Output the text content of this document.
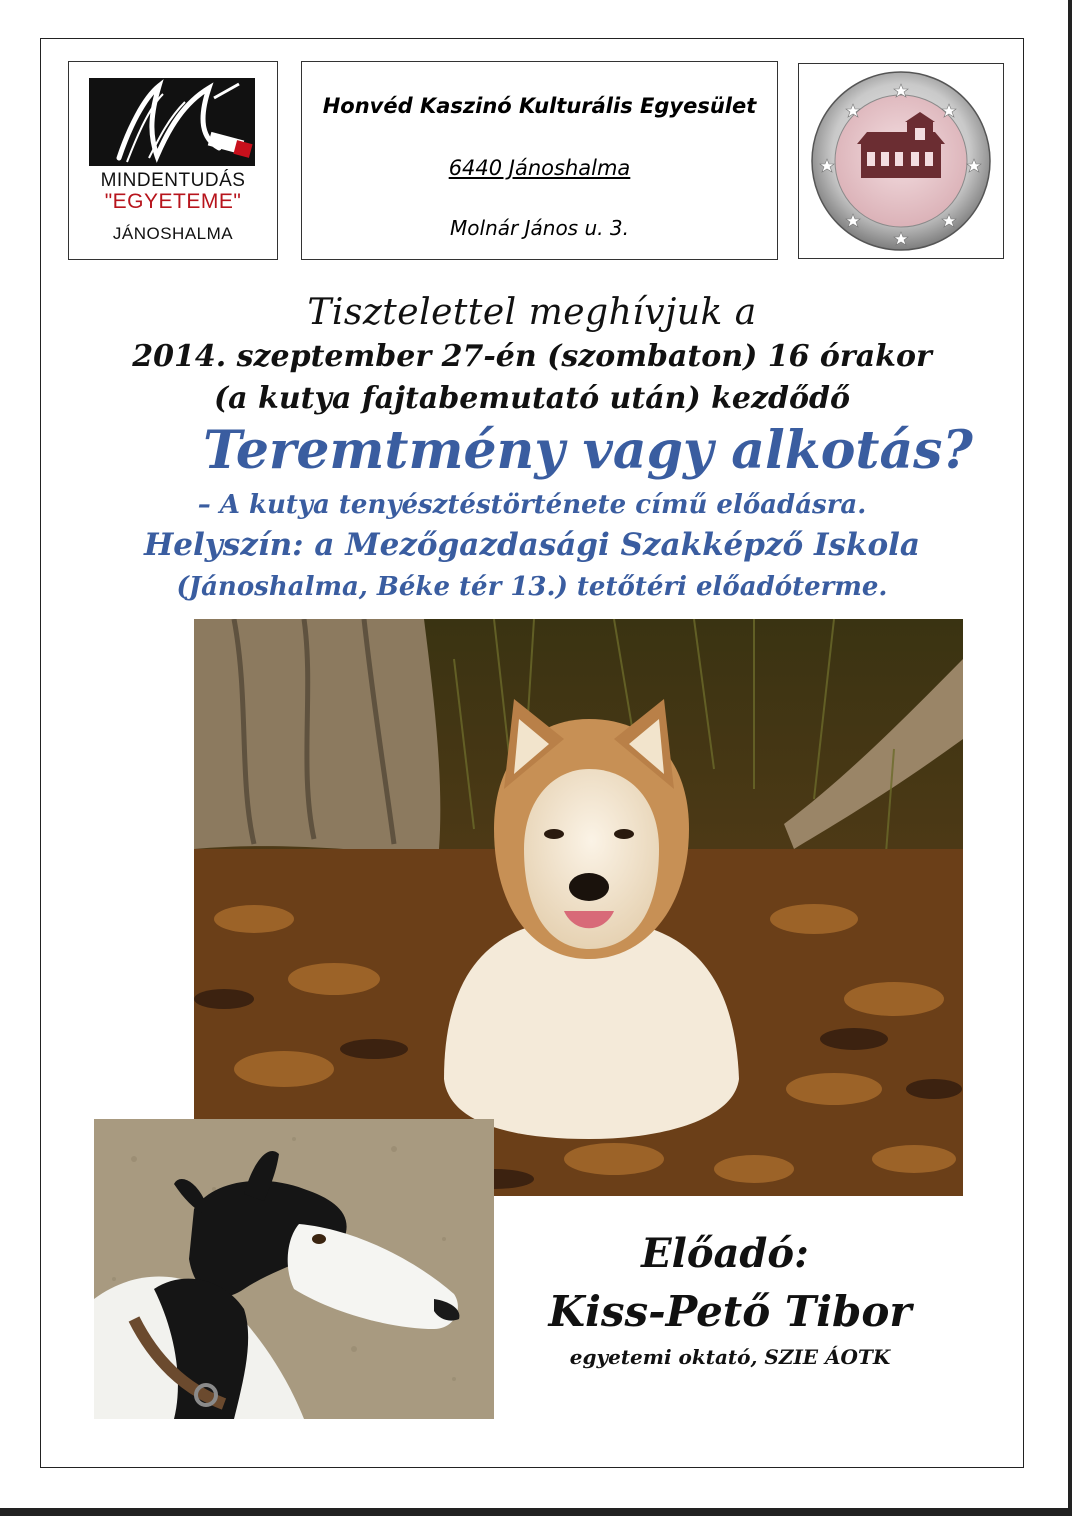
MINDENTUDÁS
"EGYETEME"
JÁNOSHALMA
Honvéd Kaszinó Kulturális Egyesület
6440 Jánoshalma
Molnár János u. 3.
Tisztelettel meghívjuk a
2014. szeptember 27-én (szombaton) 16 órakor
(a kutya fajtabemutató után) kezdődő
Teremtmény vagy alkotás?
– A kutya tenyésztéstörténete című előadásra.
Helyszín: a Mezőgazdasági Szakképző Iskola
(Jánoshalma, Béke tér 13.) tetőtéri előadóterme.
Előadó:
Kiss-Pető Tibor
egyetemi oktató, SZIE ÁOTK
